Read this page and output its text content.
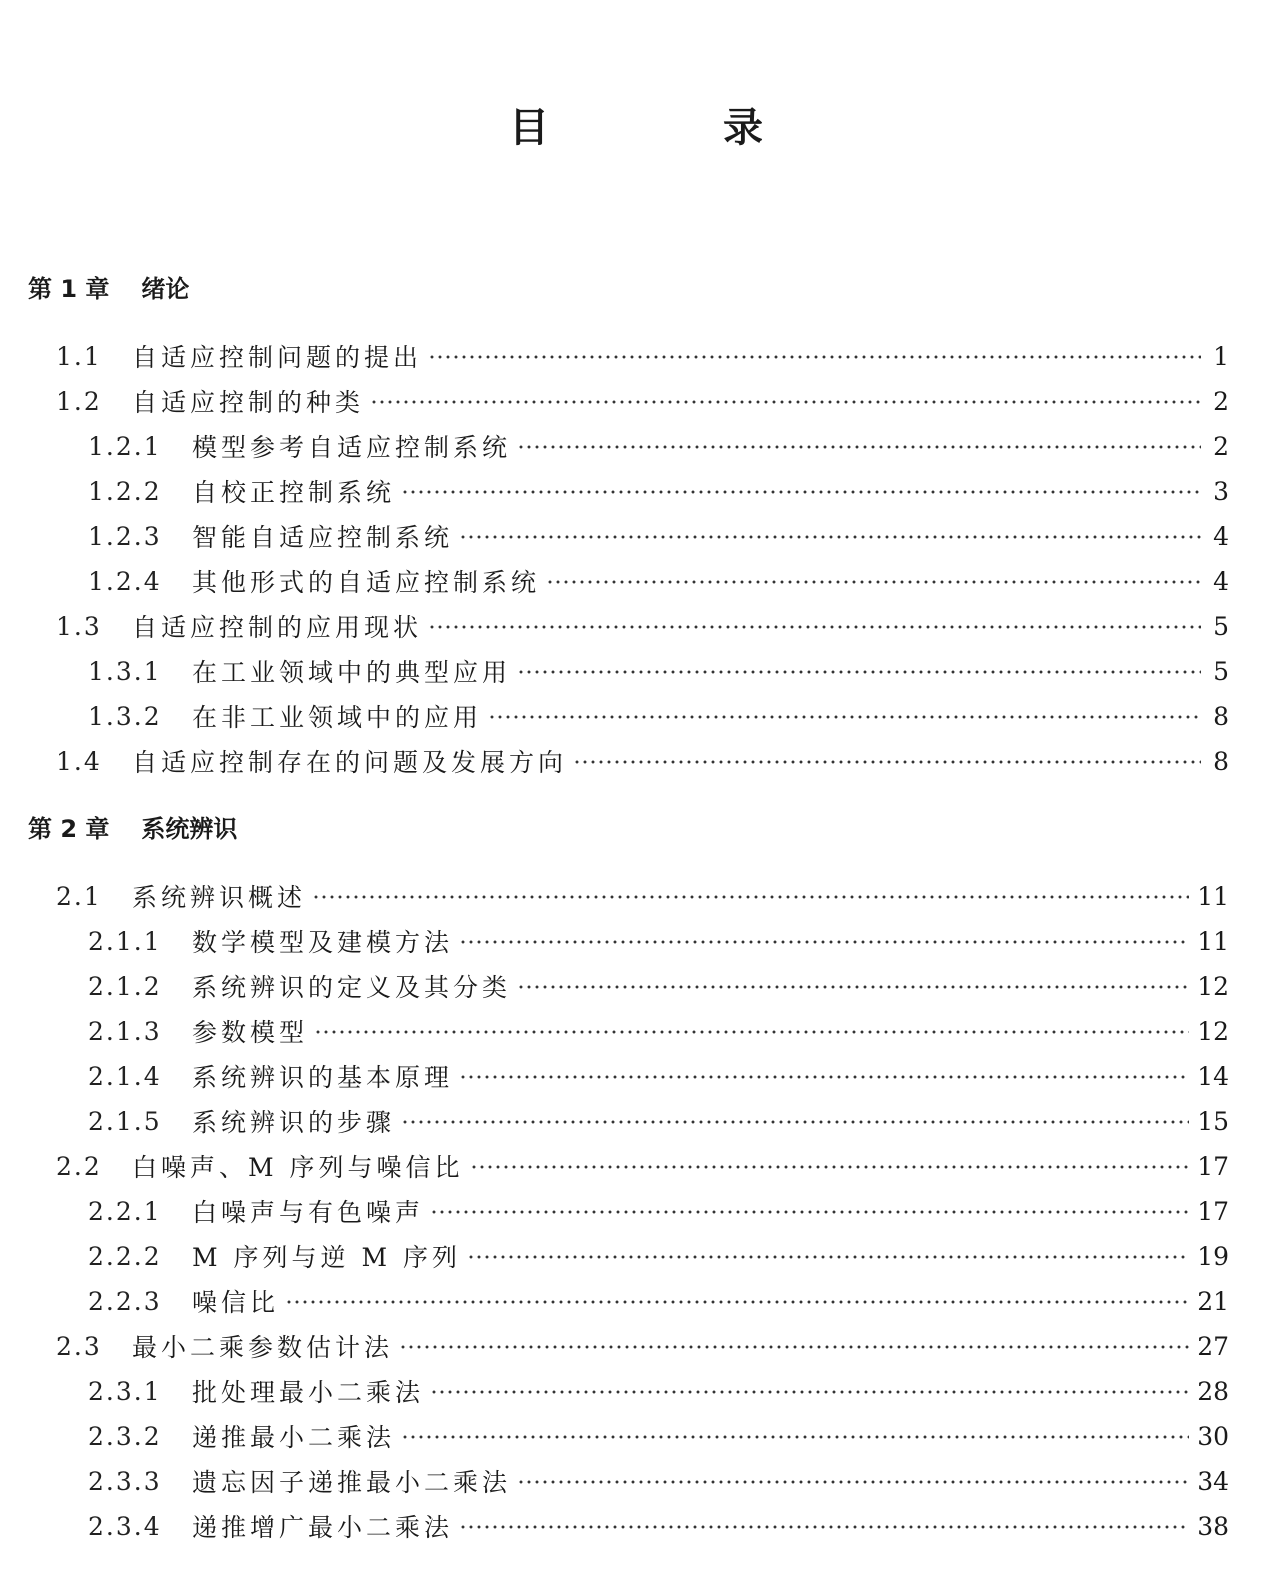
目 录
第 1 章 绪论
1.1	自适应控制问题的提出	1
1.2	自适应控制的种类	2
1.2.1	模型参考自适应控制系统	2
1.2.2	自校正控制系统	3
1.2.3	智能自适应控制系统	4
1.2.4	其他形式的自适应控制系统	4
1.3	自适应控制的应用现状	5
1.3.1	在工业领域中的典型应用	5
1.3.2	在非工业领域中的应用	8
1.4	自适应控制存在的问题及发展方向	8
第 2 章 系统辨识
2.1	系统辨识概述	11
2.1.1	数学模型及建模方法	11
2.1.2	系统辨识的定义及其分类	12
2.1.3	参数模型	12
2.1.4	系统辨识的基本原理	14
2.1.5	系统辨识的步骤	15
2.2	白噪声、M 序列与噪信比	17
2.2.1	白噪声与有色噪声	17
2.2.2	M 序列与逆 M 序列	19
2.2.3	噪信比	21
2.3	最小二乘参数估计法	27
2.3.1	批处理最小二乘法	28
2.3.2	递推最小二乘法	30
2.3.3	遗忘因子递推最小二乘法	34
2.3.4	递推增广最小二乘法	38
